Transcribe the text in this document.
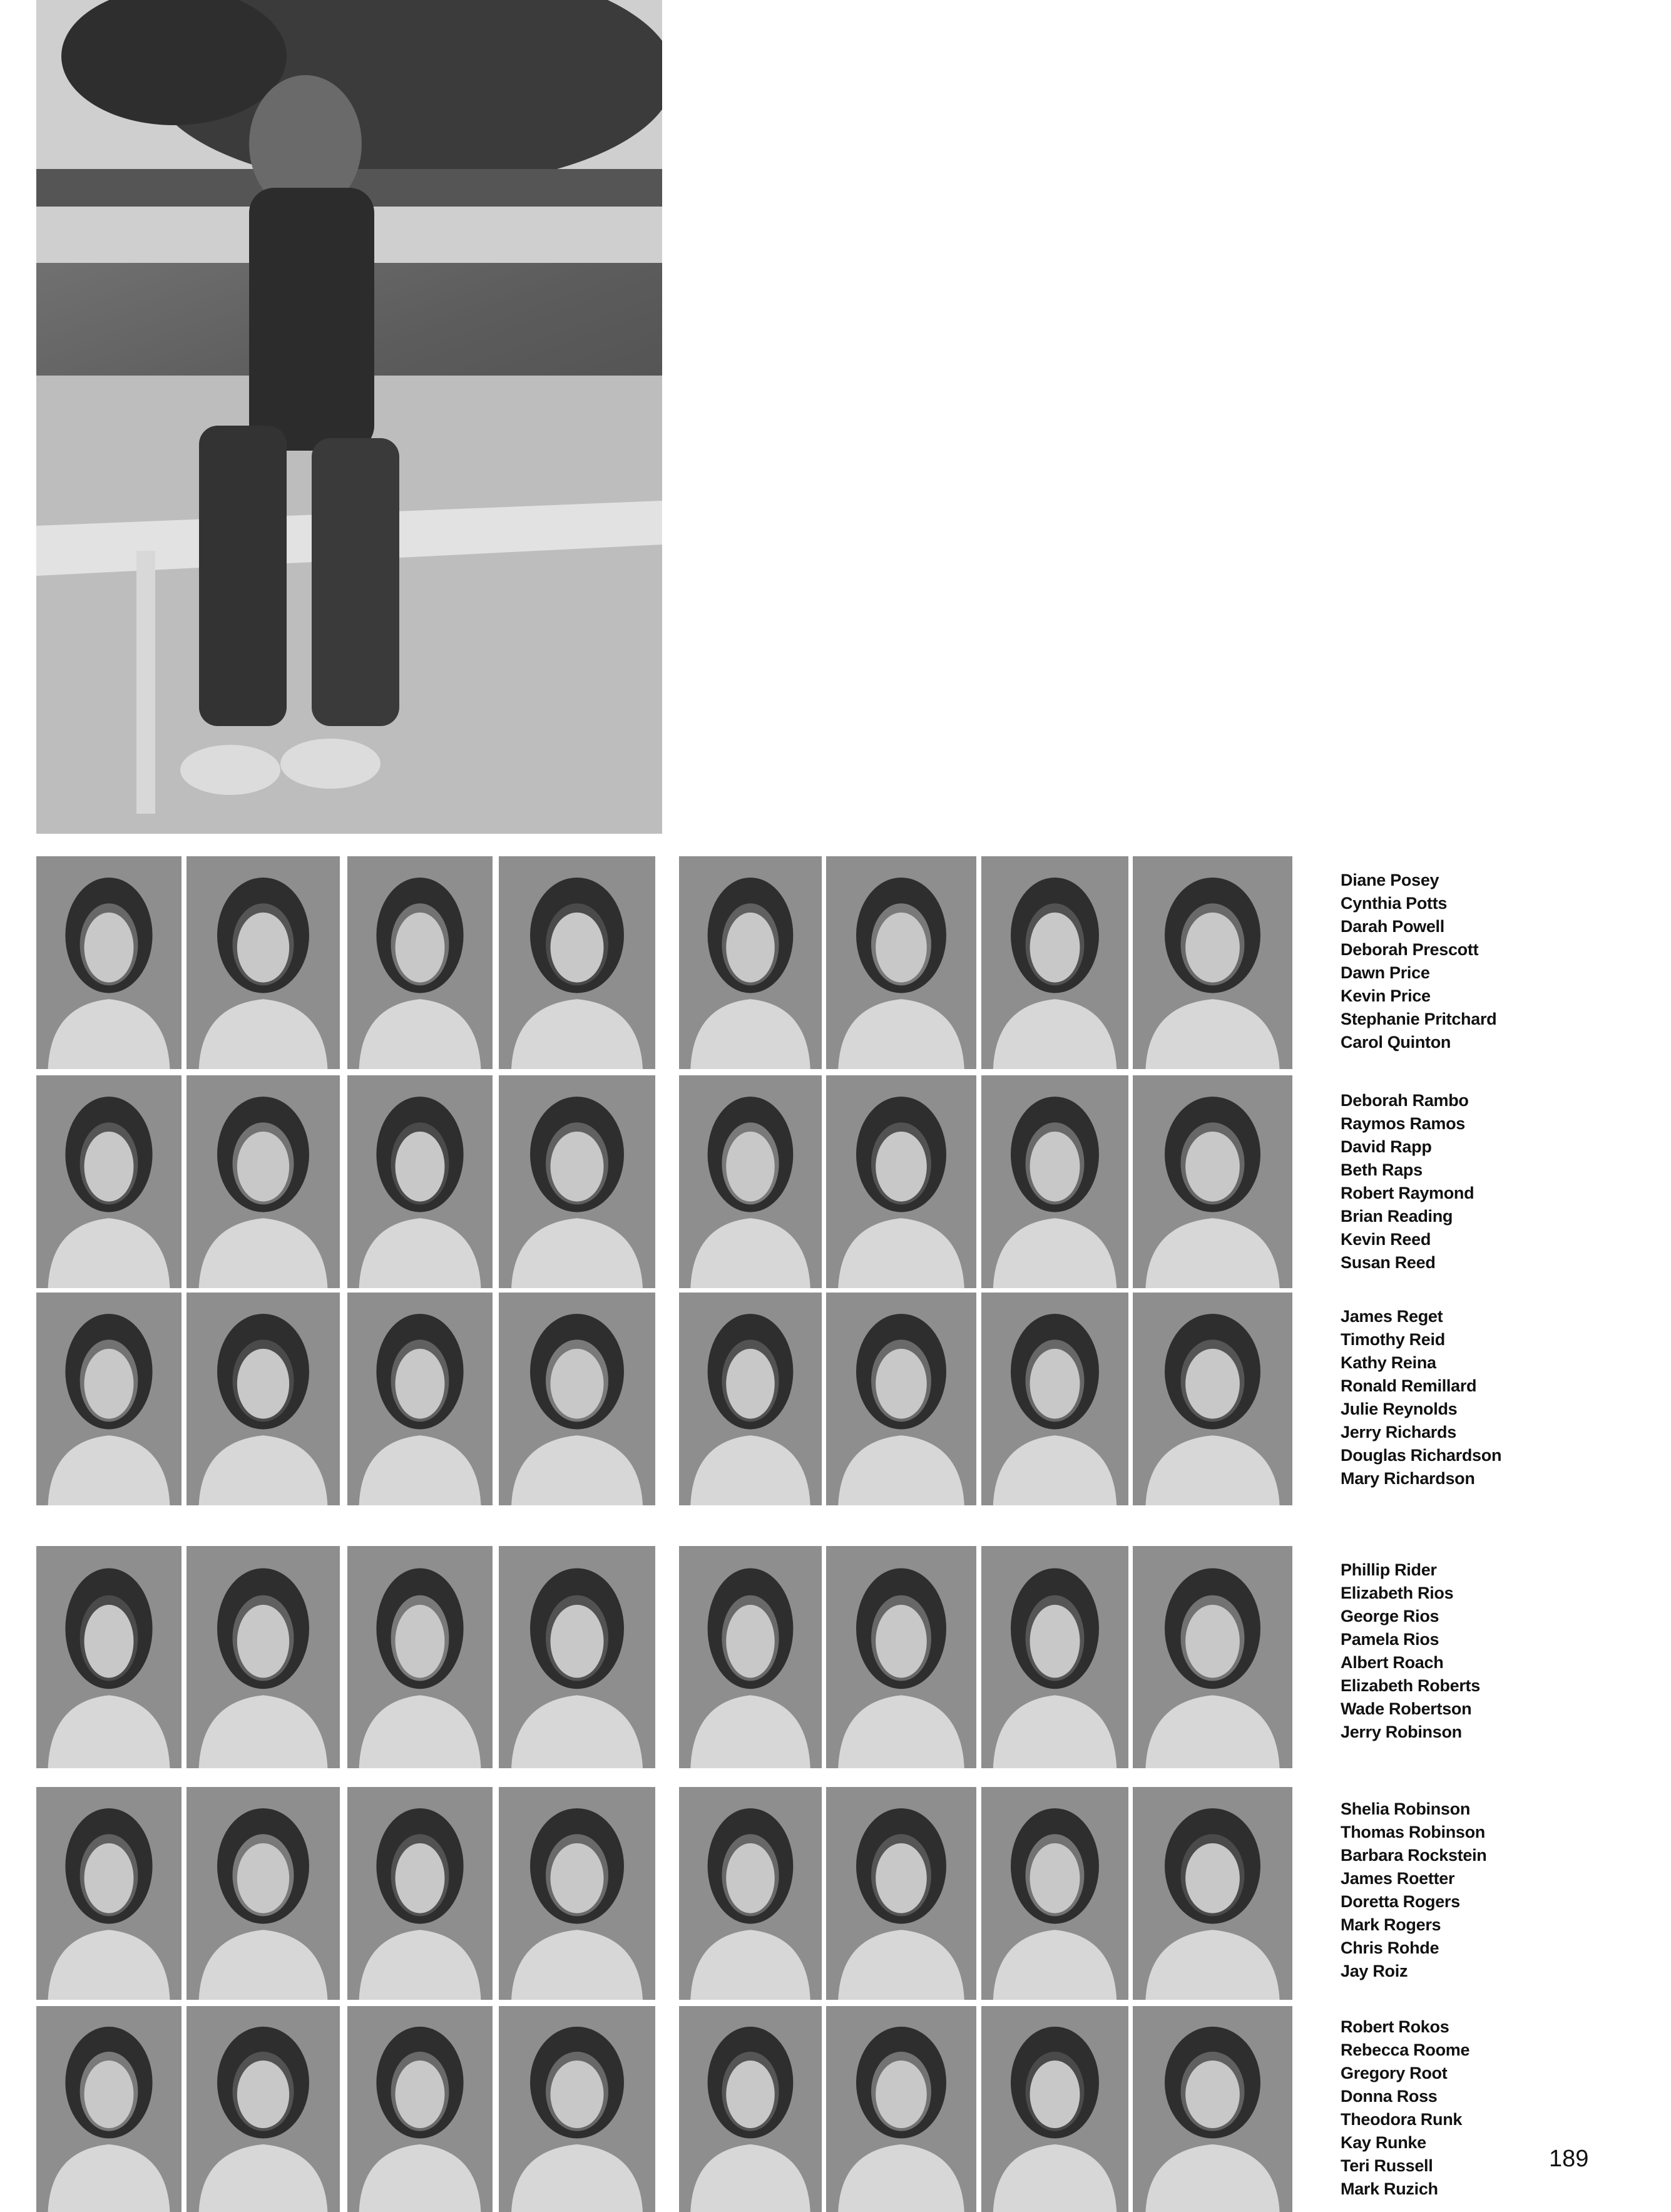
Diane Posey
Cynthia Potts
Darah Powell
Deborah Prescott
Dawn Price
Kevin Price
Stephanie Pritchard
Carol Quinton
Deborah Rambo
Raymos Ramos
David Rapp
Beth Raps
Robert Raymond
Brian Reading
Kevin Reed
Susan Reed
James Reget
Timothy Reid
Kathy Reina
Ronald Remillard
Julie Reynolds
Jerry Richards
Douglas Richardson
Mary Richardson
Phillip Rider
Elizabeth Rios
George Rios
Pamela Rios
Albert Roach
Elizabeth Roberts
Wade Robertson
Jerry Robinson
Shelia Robinson
Thomas Robinson
Barbara Rockstein
James Roetter
Doretta Rogers
Mark Rogers
Chris Rohde
Jay Roiz
Robert Rokos
Rebecca Roome
Gregory Root
Donna Ross
Theodora Runk
Kay Runke
Teri Russell
Mark Ruzich
189
